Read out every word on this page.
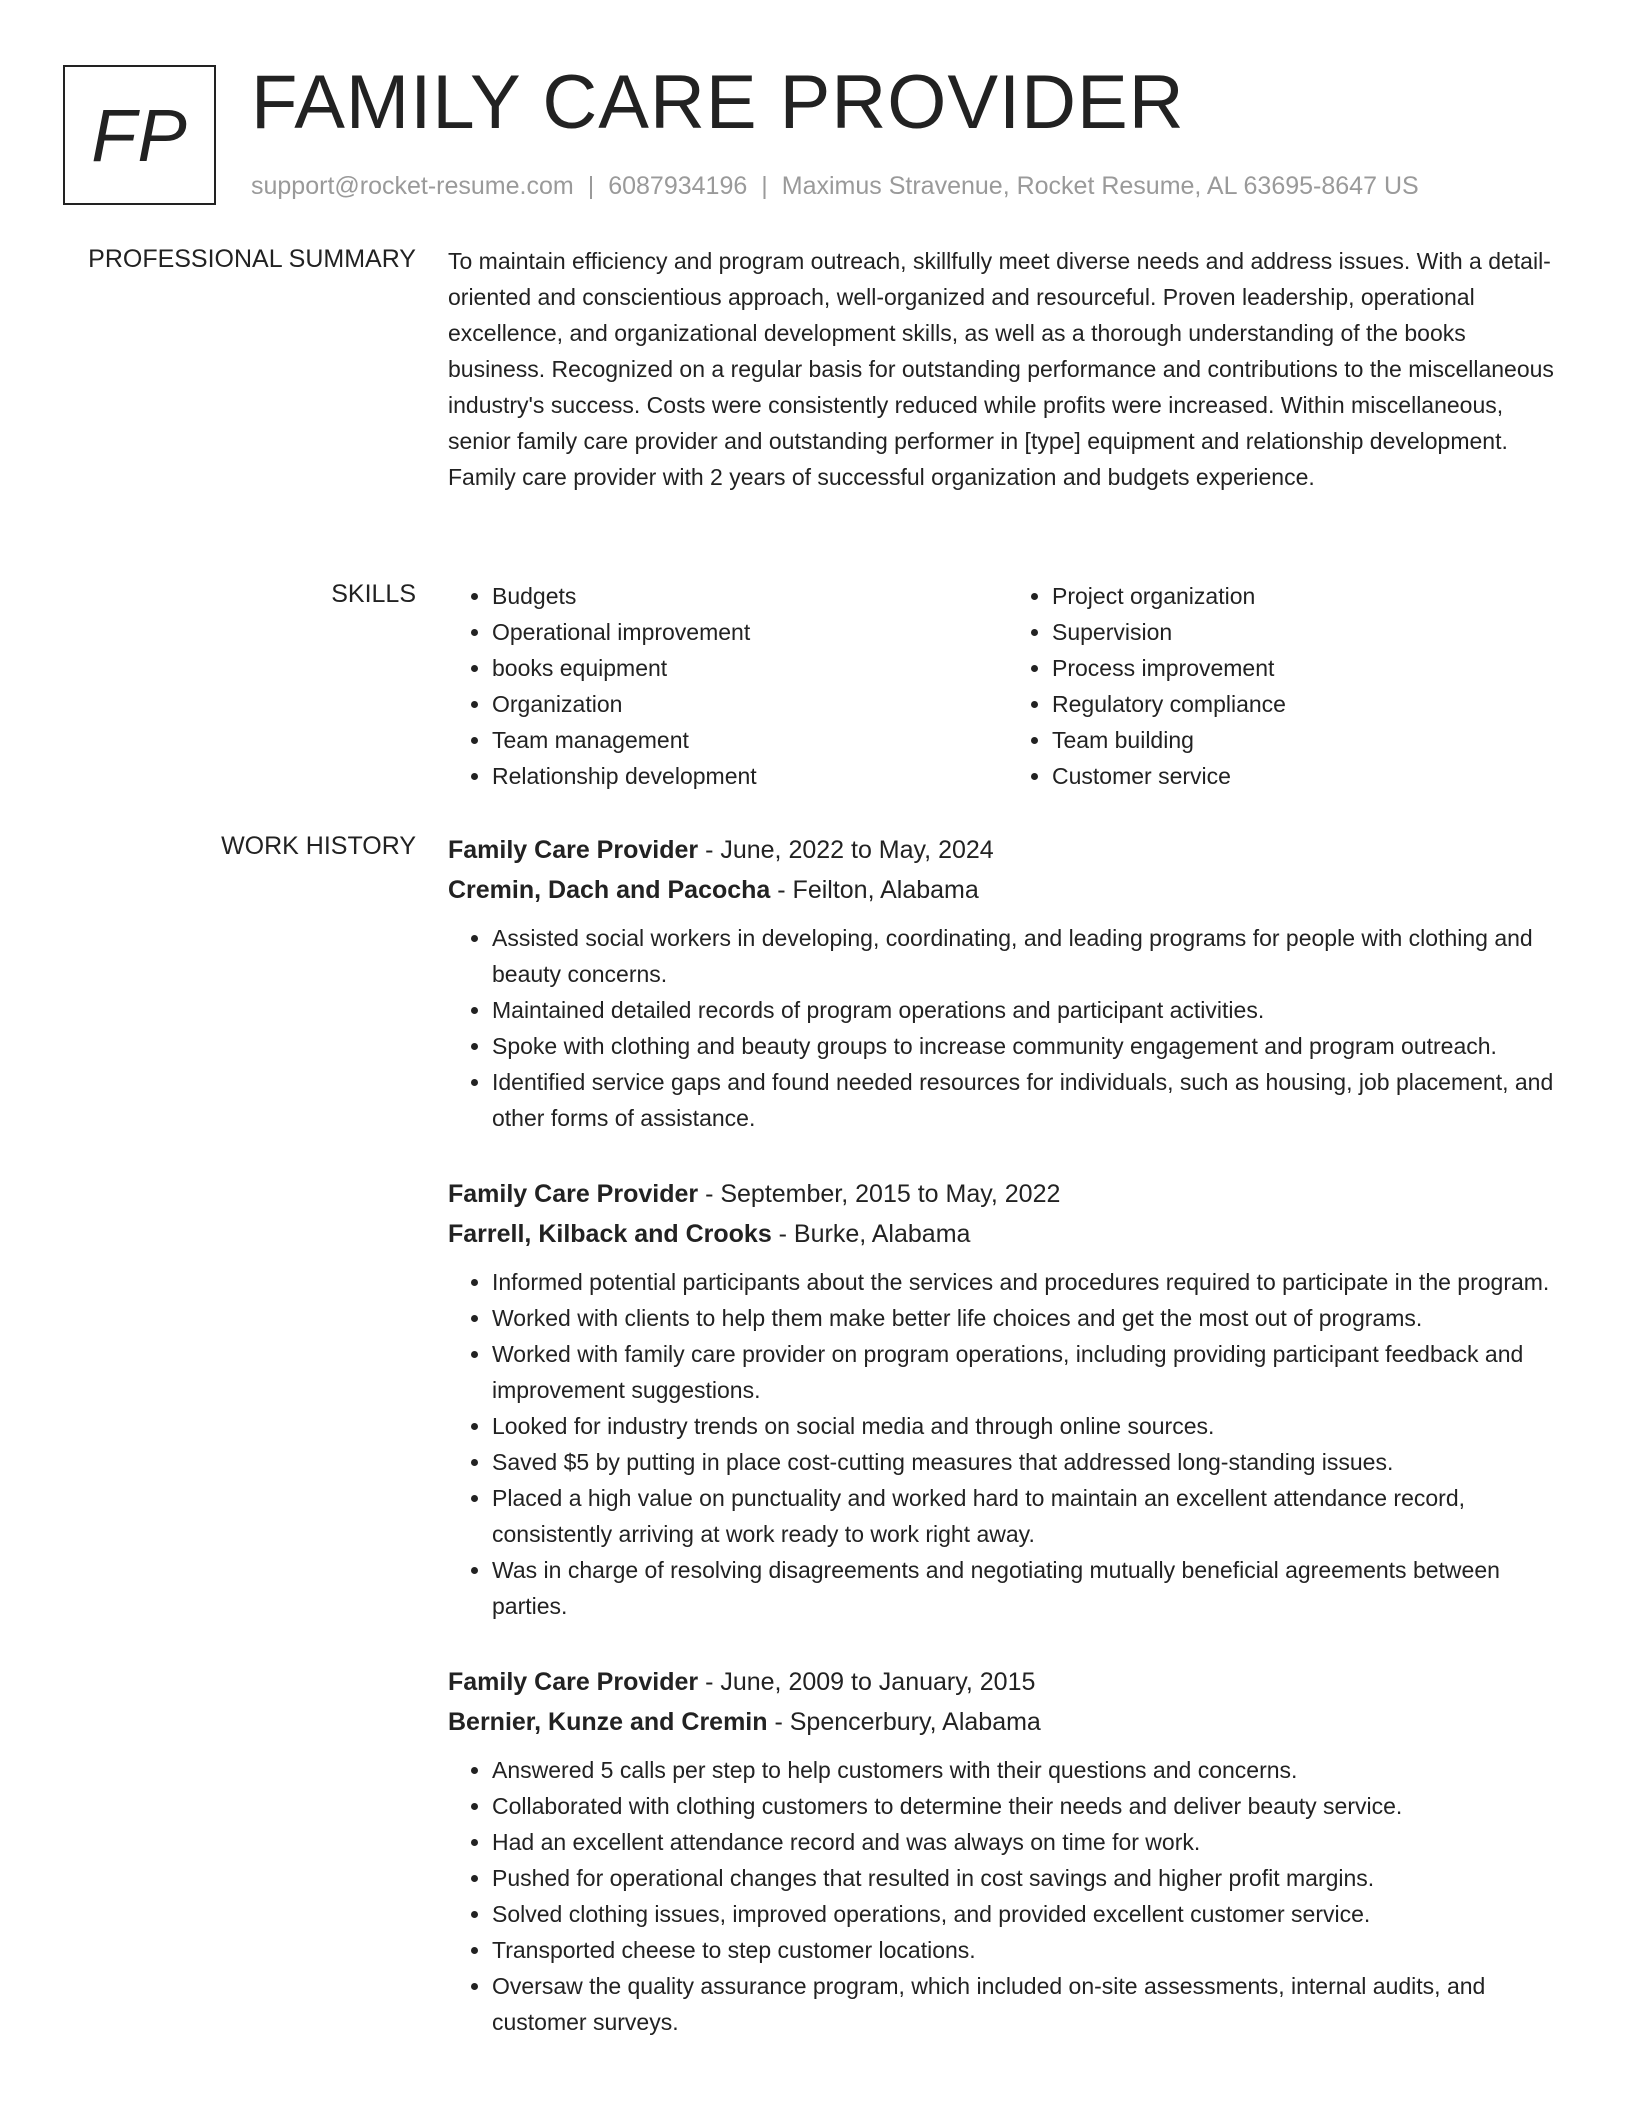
FP FAMILY CARE PROVIDER
support@rocket-resume.com | 6087934196 | Maximus Stravenue, Rocket Resume, AL 63695-8647 US
PROFESSIONAL SUMMARY To maintain efficiency and program outreach, skillfully meet diverse needs and address issues. With a detail-oriented and conscientious approach, well-organized and resourceful. Proven leadership, operational excellence, and organizational development skills, as well as a thorough understanding of the books business. Recognized on a regular basis for outstanding performance and contributions to the miscellaneous industry's success. Costs were consistently reduced while profits were increased. Within miscellaneous, senior family care provider and outstanding performer in [type] equipment and relationship development. Family care provider with 2 years of successful organization and budgets experience.

SKILLS
•	Budgets
• Operational improvement
• books equipment
• Organization
• Team management
• Relationship development
• Project organization
• Supervision
• Process improvement
• Regulatory compliance
• Team building
• Customer service
WORK HISTORY Family Care Provider - June, 2022 to May, 2024
Cremin, Dach and Pacocha - Feilton, Alabama
• Assisted social workers in developing, coordinating, and leading programs for people with clothing and beauty concerns.
• Maintained detailed records of program operations and participant activities.
• Spoke with clothing and beauty groups to increase community engagement and program outreach.
• Identified service gaps and found needed resources for individuals, such as housing, job placement, and other forms of assistance.
Family Care Provider - September, 2015 to May, 2022
Farrell, Kilback and Crooks - Burke, Alabama
• Informed potential participants about the services and procedures required to participate in the program.
• Worked with clients to help them make better life choices and get the most out of programs.
• Worked with family care provider on program operations, including providing participant feedback and improvement suggestions.
• Looked for industry trends on social media and through online sources.
• Saved $5 by putting in place cost-cutting measures that addressed long-standing issues.
• Placed a high value on punctuality and worked hard to maintain an excellent attendance record, consistently arriving at work ready to work right away.
• Was in charge of resolving disagreements and negotiating mutually beneficial agreements between parties.
Family Care Provider - June, 2009 to January, 2015
Bernier, Kunze and Cremin - Spencerbury, Alabama
• Answered 5 calls per step to help customers with their questions and concerns.
• Collaborated with clothing customers to determine their needs and deliver beauty service.
• Had an excellent attendance record and was always on time for work.
• Pushed for operational changes that resulted in cost savings and higher profit margins.
• Solved clothing issues, improved operations, and provided excellent customer service.
• Transported cheese to step customer locations.
• Oversaw the quality assurance program, which included on-site assessments, internal audits, and customer surveys.
